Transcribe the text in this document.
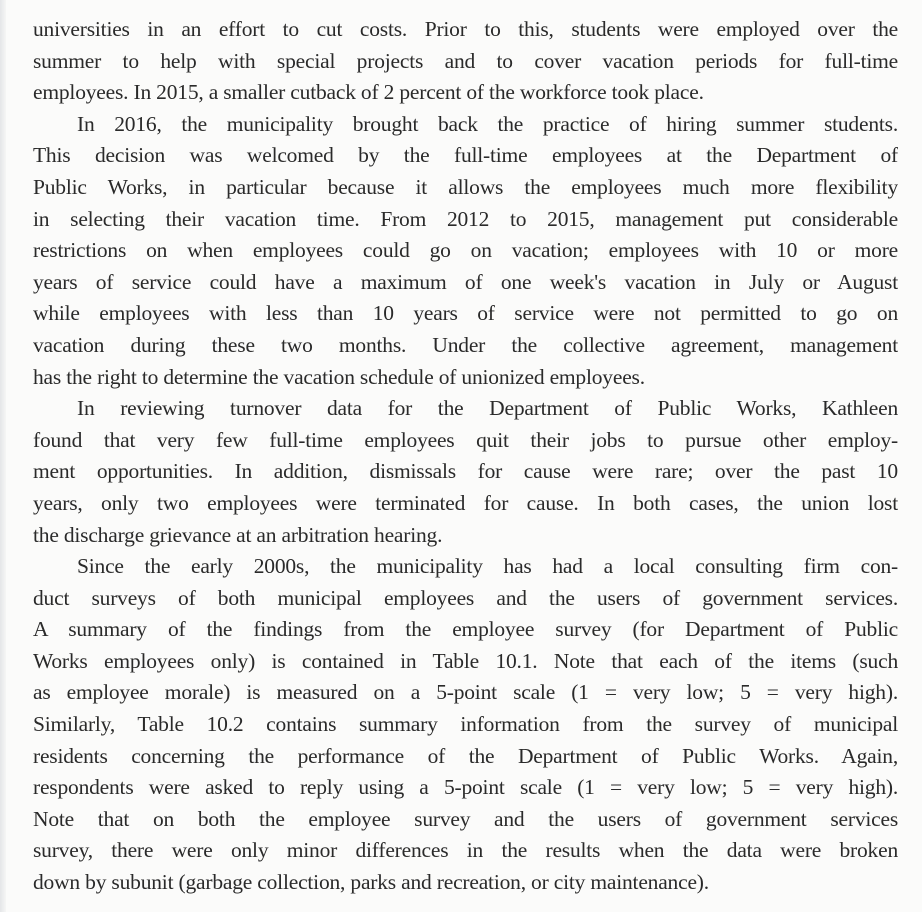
universities in an effort to cut costs. Prior to this, students were employed over the
summer to help with special projects and to cover vacation periods for full-time
employees. In 2015, a smaller cutback of 2 percent of the workforce took place.
In 2016, the municipality brought back the practice of hiring summer students.
This decision was welcomed by the full-time employees at the Department of
Public Works, in particular because it allows the employees much more flexibility
in selecting their vacation time. From 2012 to 2015, management put considerable
restrictions on when employees could go on vacation; employees with 10 or more
years of service could have a maximum of one week's vacation in July or August
while employees with less than 10 years of service were not permitted to go on
vacation during these two months. Under the collective agreement, management
has the right to determine the vacation schedule of unionized employees.
In reviewing turnover data for the Department of Public Works, Kathleen
found that very few full-time employees quit their jobs to pursue other employ-
ment opportunities. In addition, dismissals for cause were rare; over the past 10
years, only two employees were terminated for cause. In both cases, the union lost
the discharge grievance at an arbitration hearing.
Since the early 2000s, the municipality has had a local consulting firm con-
duct surveys of both municipal employees and the users of government services.
A summary of the findings from the employee survey (for Department of Public
Works employees only) is contained in Table 10.1. Note that each of the items (such
as employee morale) is measured on a 5-point scale (1 = very low; 5 = very high).
Similarly, Table 10.2 contains summary information from the survey of municipal
residents concerning the performance of the Department of Public Works. Again,
respondents were asked to reply using a 5-point scale (1 = very low; 5 = very high).
Note that on both the employee survey and the users of government services
survey, there were only minor differences in the results when the data were broken
down by subunit (garbage collection, parks and recreation, or city maintenance).
